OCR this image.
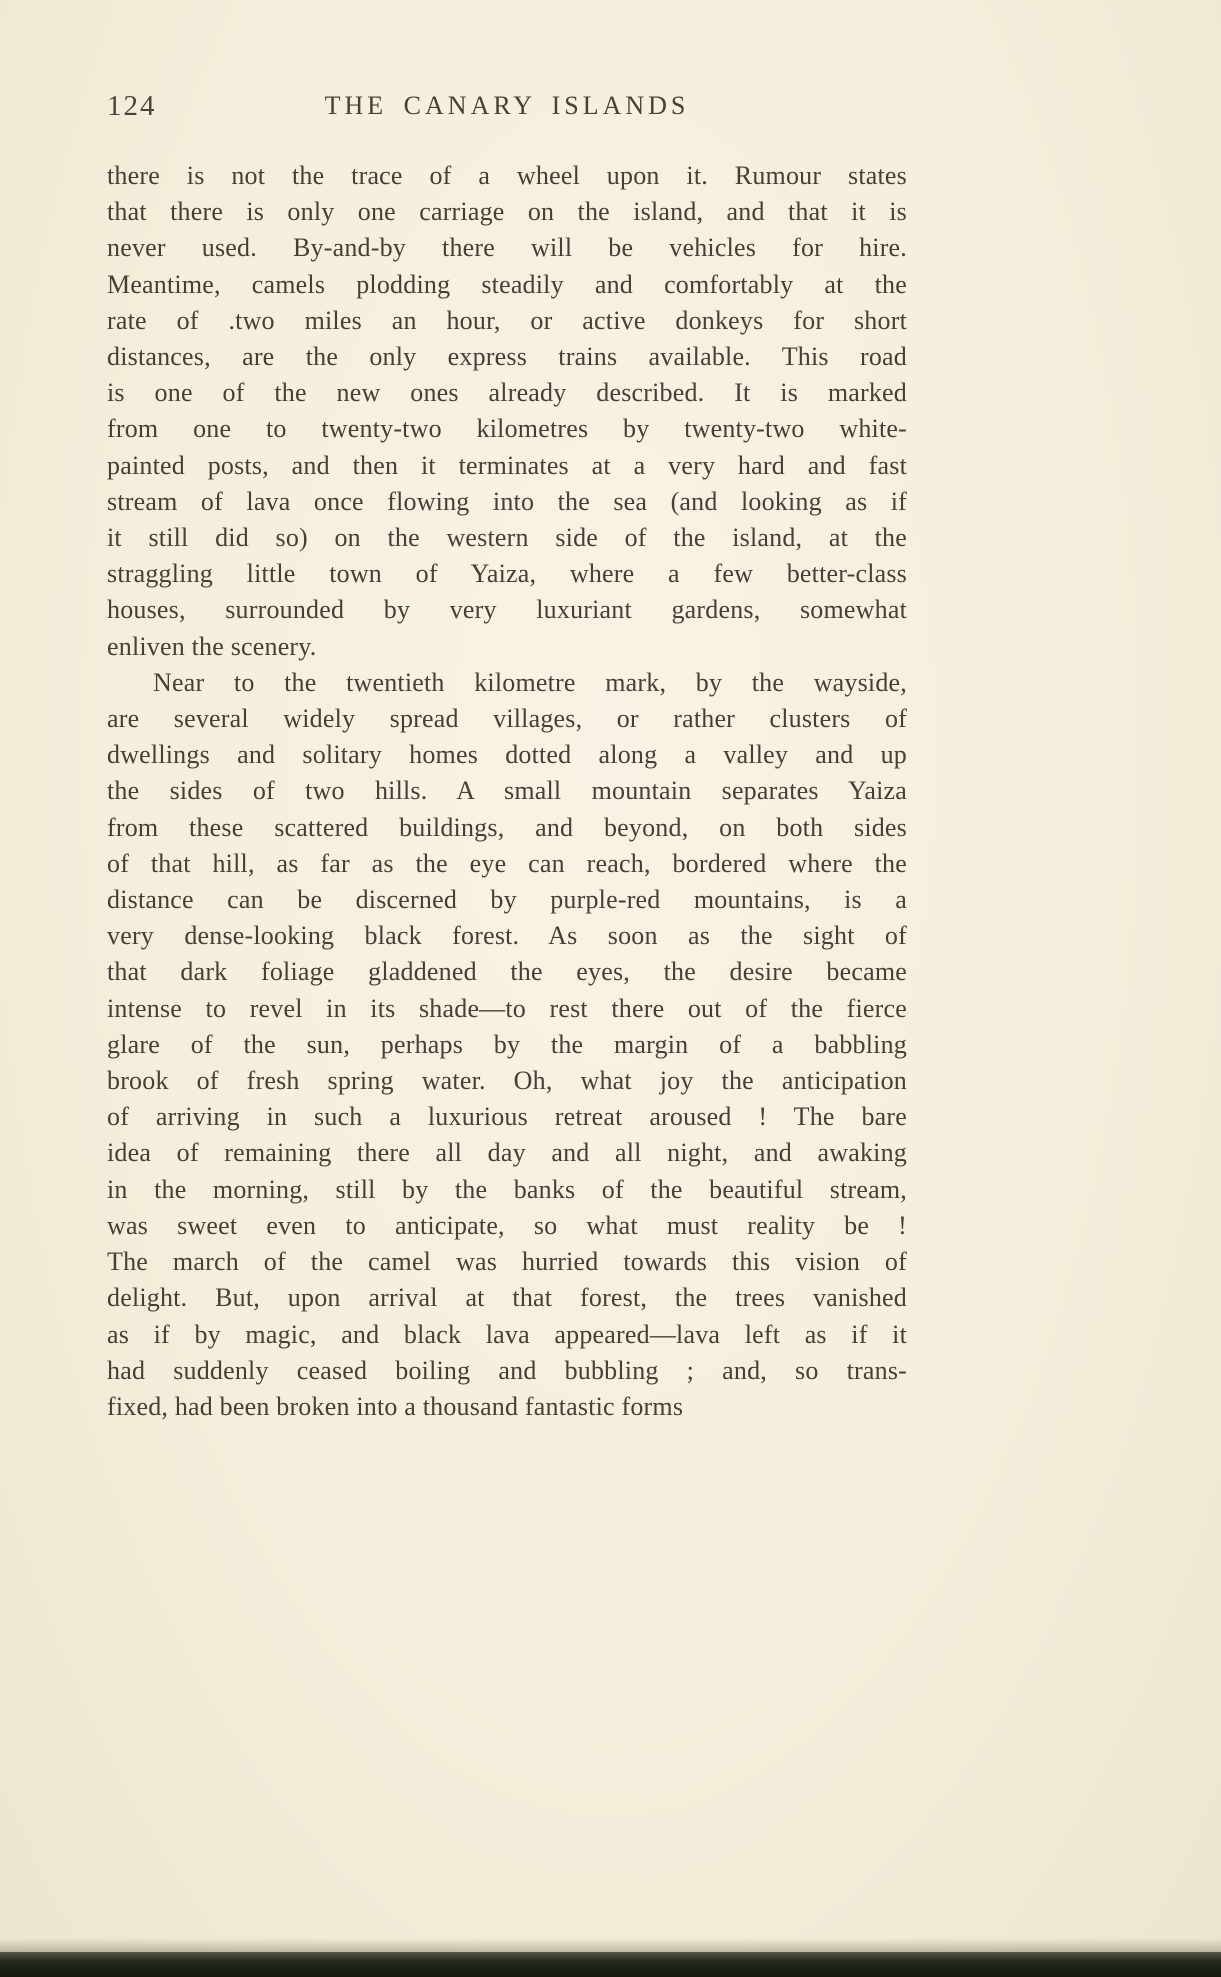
124	THE CANARY ISLANDS
there is not the trace of a wheel upon it. Rumour states
that there is only one carriage on the island, and that it is
never used. By-and-by there will be vehicles for hire.
Meantime, camels plodding steadily and comfortably at the
rate of .two miles an hour, or active donkeys for short
distances, are the only express trains available. This road
is one of the new ones already described. It is marked
from one to twenty-two kilometres by twenty-two white-
painted posts, and then it terminates at a very hard and fast
stream of lava once flowing into the sea (and looking as if
it still did so) on the western side of the island, at the
straggling little town of Yaiza, where a few better-class
houses, surrounded by very luxuriant gardens, somewhat
enliven the scenery.
Near to the twentieth kilometre mark, by the wayside,
are several widely spread villages, or rather clusters of
dwellings and solitary homes dotted along a valley and up
the sides of two hills. A small mountain separates Yaiza
from these scattered buildings, and beyond, on both sides
of that hill, as far as the eye can reach, bordered where the
distance can be discerned by purple-red mountains, is a
very dense-looking black forest. As soon as the sight of
that dark foliage gladdened the eyes, the desire became
intense to revel in its shade—to rest there out of the fierce
glare of the sun, perhaps by the margin of a babbling
brook of fresh spring water. Oh, what joy the anticipation
of arriving in such a luxurious retreat aroused ! The bare
idea of remaining there all day and all night, and awaking
in the morning, still by the banks of the beautiful stream,
was sweet even to anticipate, so what must reality be !
The march of the camel was hurried towards this vision of
delight. But, upon arrival at that forest, the trees vanished
as if by magic, and black lava appeared—lava left as if it
had suddenly ceased boiling and bubbling ; and, so trans-
fixed, had been broken into a thousand fantastic forms
